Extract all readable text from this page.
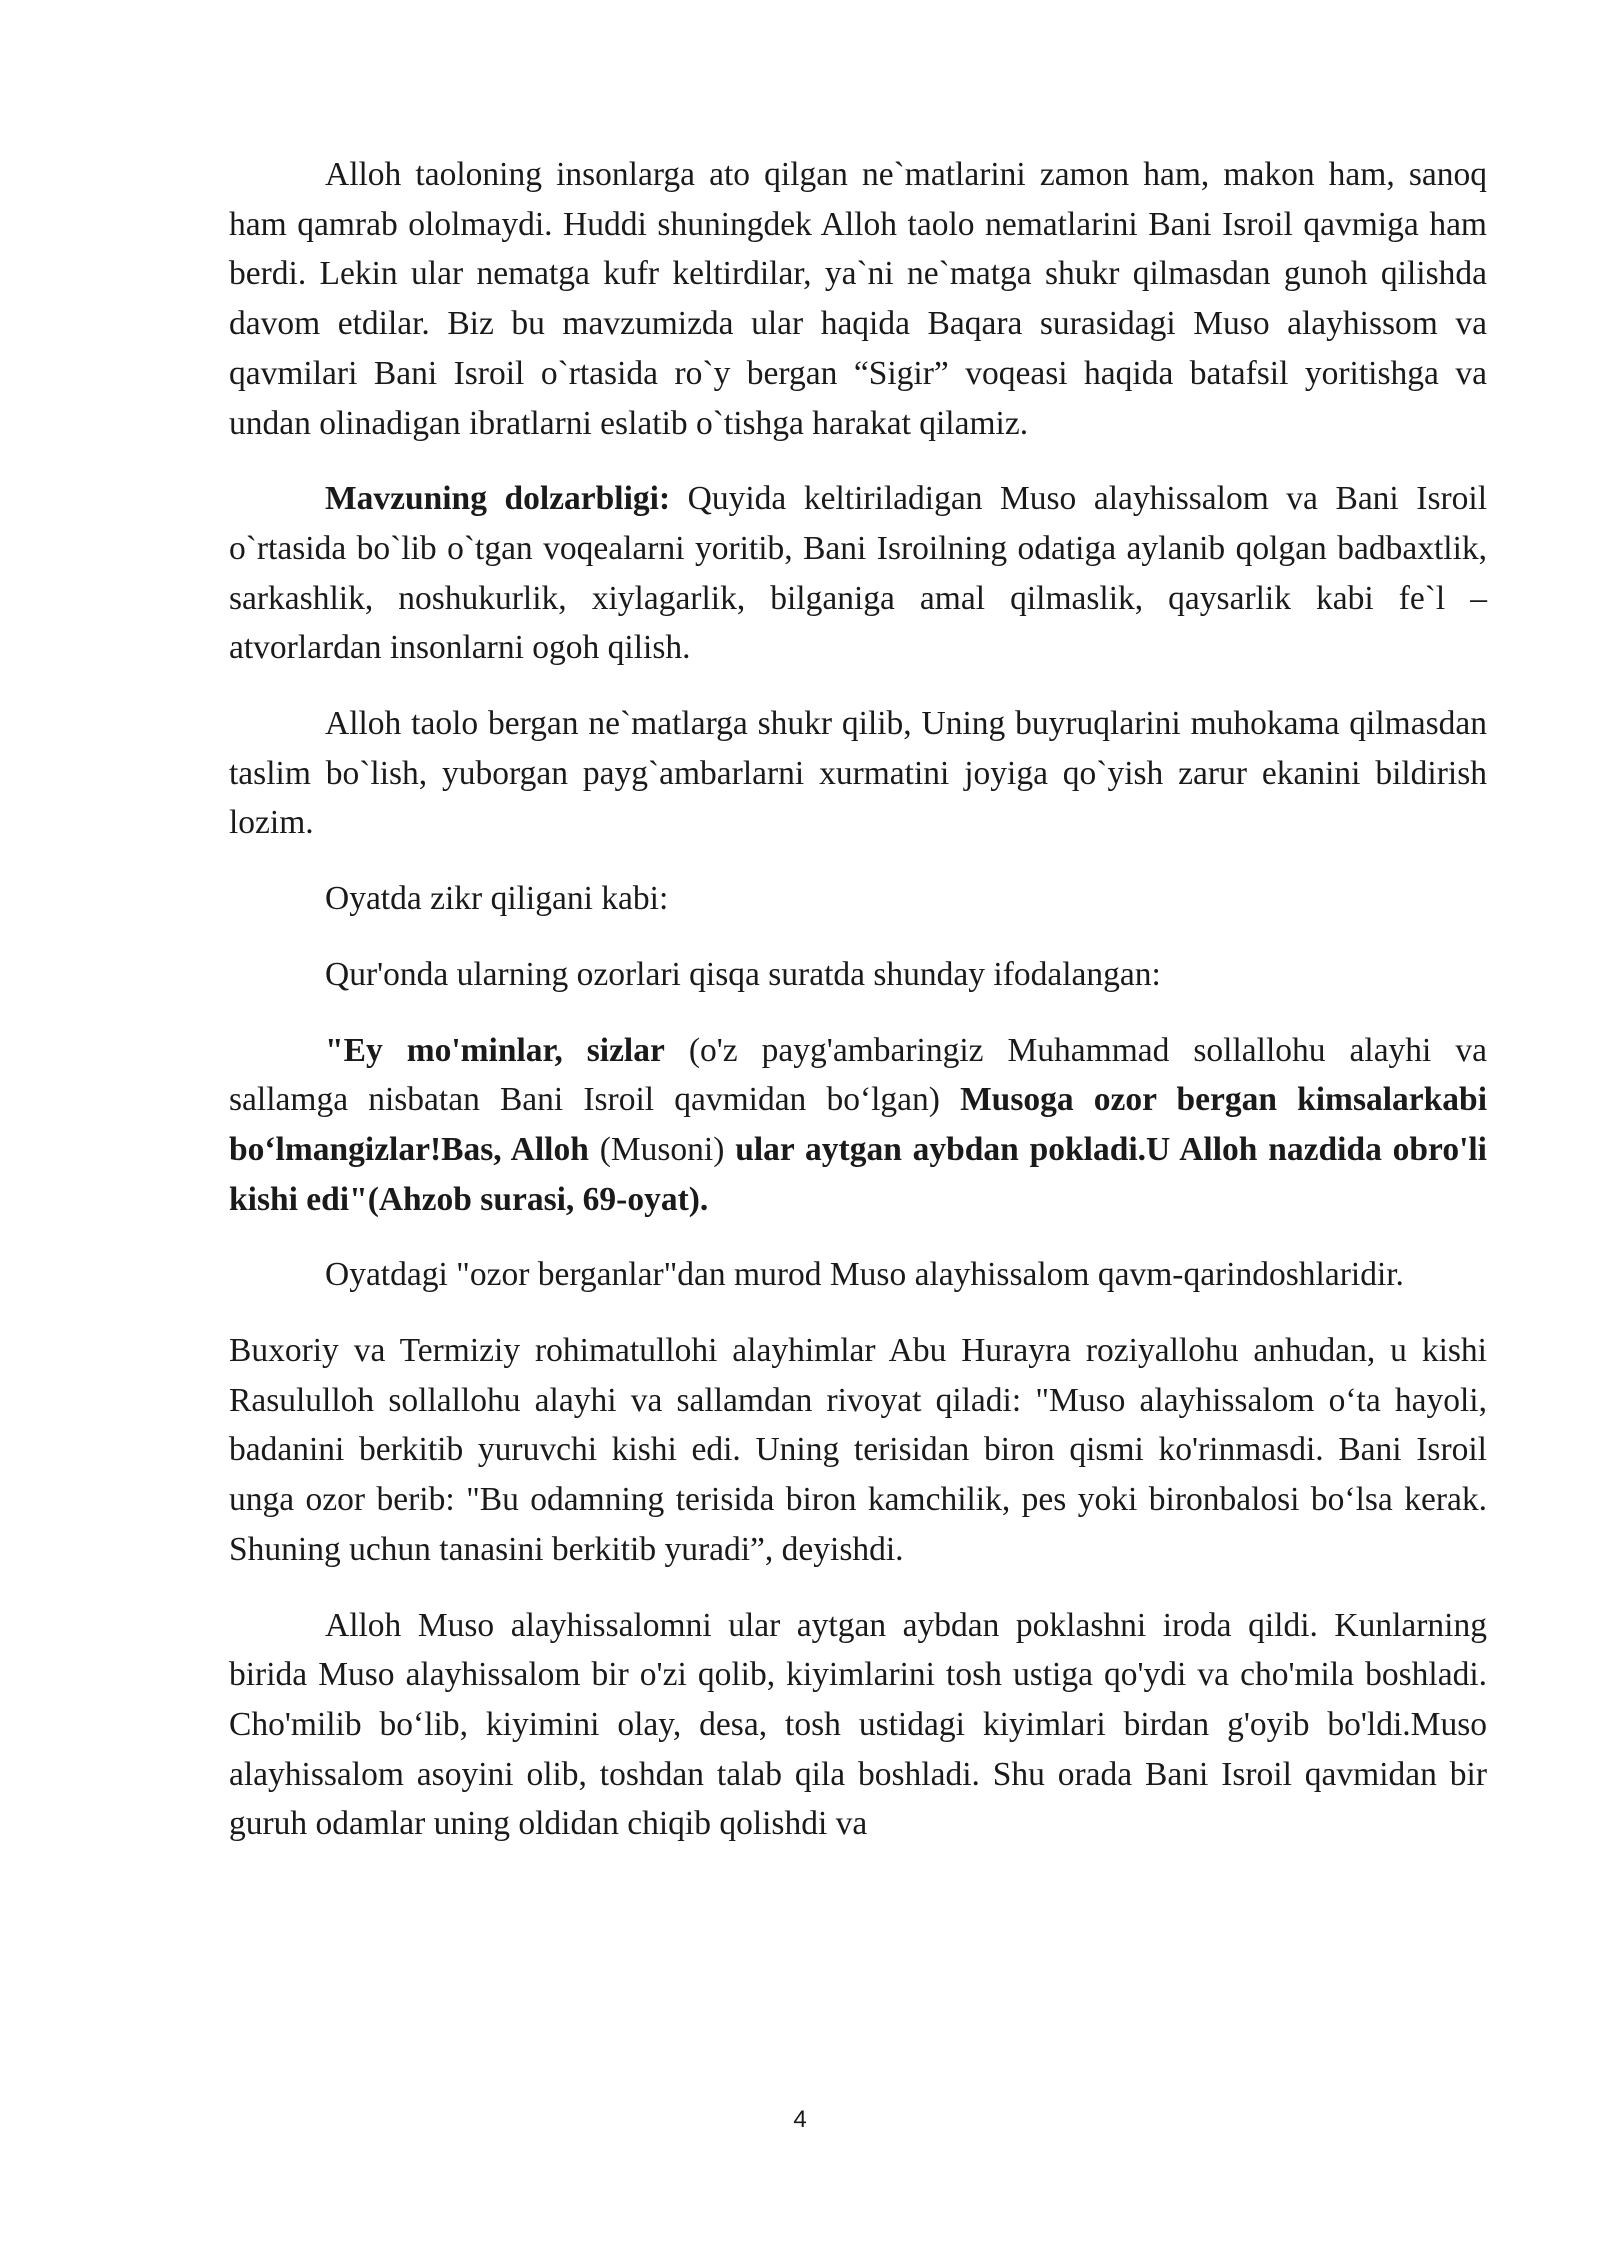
Alloh taoloning insonlarga ato qilgan ne`matlarini zamon ham, makon ham, sanoq ham qamrab ololmaydi. Huddi shuningdek Alloh taolo nematlarini Bani Isroil qavmiga ham berdi. Lekin ular nematga kufr keltirdilar, ya`ni ne`matga shukr qilmasdan gunoh qilishda davom etdilar. Biz bu mavzumizda ular haqida Baqara surasidagi Muso alayhissom va qavmilari Bani Isroil o`rtasida ro`y bergan “Sigir” voqeasi haqida batafsil yoritishga va undan olinadigan ibratlarni eslatib o`tishga harakat qilamiz.

Mavzuning dolzarbligi: Quyida keltiriladigan Muso alayhissalom va Bani Isroil o`rtasida bo`lib o`tgan voqealarni yoritib, Bani Isroilning odatiga aylanib qolgan badbaxtlik, sarkashlik, noshukurlik, xiylagarlik, bilganiga amal qilmaslik, qaysarlik kabi fe`l – atvorlardan insonlarni ogoh qilish.

Alloh taolo bergan ne`matlarga shukr qilib, Uning buyruqlarini muhokama qilmasdan taslim bo`lish, yuborgan payg`ambarlarni xurmatini joyiga qo`yish zarur ekanini bildirish lozim.

Oyatda zikr qiligani kabi:

Qur'onda ularning ozorlari qisqa suratda shunday ifodalangan:

"Ey mo'minlar, sizlar (o'z payg'ambaringiz Muhammad sollallohu alayhi va sallamga nisbatan Bani Isroil qavmidan bo‘lgan) Musoga ozor bergan kimsalarkabi bo‘lmangizlar!Bas, Alloh (Musoni) ular aytgan aybdan pokladi.U Alloh nazdida obro'li kishi edi"(Ahzob surasi, 69-oyat).

Oyatdagi "ozor berganlar"dan murod Muso alayhissalom qavm-qarindoshlaridir.

Buxoriy va Termiziy rohimatullohi alayhimlar Abu Hurayra roziyallohu anhudan, u kishi Rasululloh sollallohu alayhi va sallamdan rivoyat qiladi: "Muso alayhissalom o‘ta hayoli, badanini berkitib yuruvchi kishi edi. Uning terisidan biron qismi ko'rinmasdi. Bani Isroil unga ozor berib: "Bu odamning terisida biron kamchilik, pes yoki bironbalosi bo‘lsa kerak. Shuning uchun tanasini berkitib yuradi”, deyishdi.

Alloh Muso alayhissalomni ular aytgan aybdan poklashni iroda qildi. Kunlarning birida Muso alayhissalom bir o'zi qolib, kiyimlarini tosh ustiga qo'ydi va cho'mila boshladi. Cho'milib bo‘lib, kiyimini olay, desa, tosh ustidagi kiyimlari birdan g'oyib bo'ldi.Muso alayhissalom asoyini olib, toshdan talab qila boshladi. Shu orada Bani Isroil qavmidan bir guruh odamlar uning oldidan chiqib qolishdi va

4
